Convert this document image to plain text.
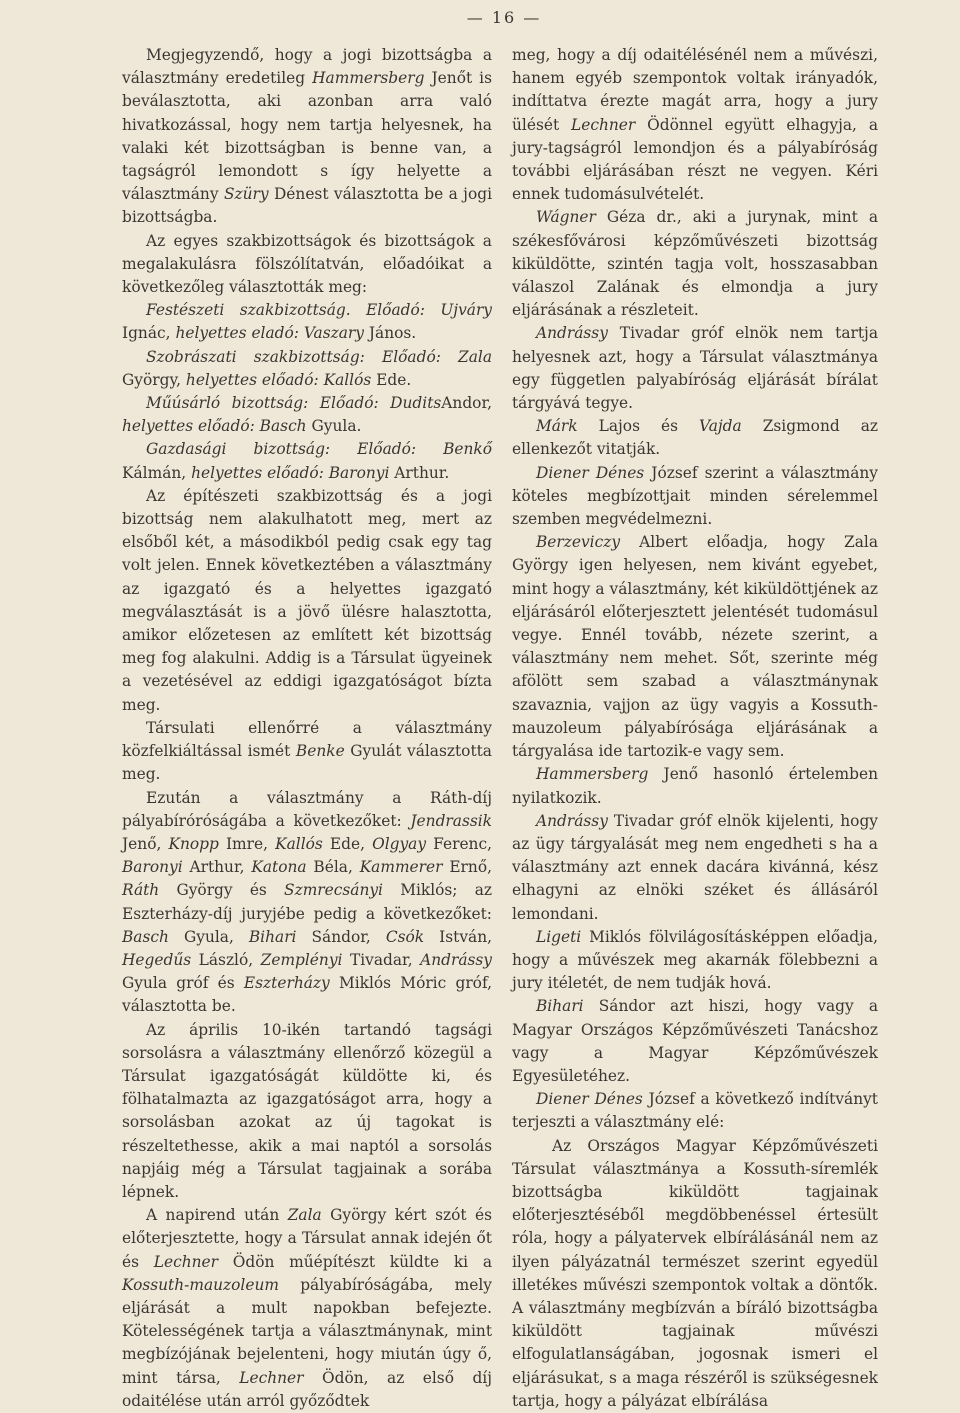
— 16 —

Megjegyzendő, hogy a jogi bizottságba a választmány eredetileg Hammersberg Jenőt is beválasztotta, aki azonban arra való hivatkozással, hogy nem tartja helyesnek, ha valaki két bizottságban is benne van, a tagságról lemondott s így helyette a választmány Szüry Dénest választotta be a jogi bizottságba.

Az egyes szakbizottságok és bizottságok a megalakulásra fölszólítatván, előadóikat a következőleg választották meg:

Festészeti szakbizottság. Előadó: Ujváry Ignác, helyettes eladó: Vaszary János.

Szobrászati szakbizottság: Előadó: Zala György, helyettes előadó: Kallós Ede.

Műúsárló bizottság: Előadó: DuditsAndor, helyettes előadó: Basch Gyula.

Gazdasági bizottság: Előadó: Benkő Kálmán, helyettes előadó: Baronyi Arthur.

Az építészeti szakbizottság és a jogi bizottság nem alakulhatott meg, mert az elsőből két, a másodikból pedig csak egy tag volt jelen. Ennek következtében a választmány az igazgató és a helyettes igazgató megválasztását is a jövő ülésre halasztotta, amikor előzetesen az említett két bizottság meg fog alakulni. Addig is a Társulat ügyeinek a vezetésével az eddigi igazgatóságot bízta meg.

Társulati ellenőrré a választmány közfelkiáltással ismét Benke Gyulát választotta meg.

Ezután a választmány a Ráth-díj pályabíróróságába a következőket: Jendrassik Jenő, Knopp Imre, Kallós Ede, Olgyay Ferenc, Baronyi Arthur, Katona Béla, Kammerer Ernő, Ráth György és Szmrecsányi Miklós; az Eszterházy-díj juryjébe pedig a következőket: Basch Gyula, Bihari Sándor, Csók István, Hegedűs László, Zemplényi Tivadar, Andrássy Gyula gróf és Eszterházy Miklós Móric gróf, választotta be.

Az április 10-ikén tartandó tagsági sorsolásra a választmány ellenőrző közegül a Társulat igazgatóságát küldötte ki, és fölhatalmazta az igazgatóságot arra, hogy a sorsolásban azokat az új tagokat is részeltethesse, akik a mai naptól a sorsolás napjáig még a Társulat tagjainak a sorába lépnek.

A napirend után Zala György kért szót és előterjesztette, hogy a Társulat annak idején őt és Lechner Ödön műépítészt küldte ki a Kossuth-mauzoleum pályabíróságába, mely eljárását a mult napokban befejezte. Kötelességének tartja a választmánynak, mint megbízójának bejelenteni, hogy miután úgy ő, mint társa, Lechner Ödön, az első díj odaitélése után arról győződtek

meg, hogy a díj odaitélésénél nem a művészi, hanem egyéb szempontok voltak irányadók, indíttatva érezte magát arra, hogy a jury ülését Lechner Ödönnel együtt elhagyja, a jury-tagságról lemondjon és a pályabíróság további eljárásában részt ne vegyen. Kéri ennek tudomásulvételét.

Wágner Géza dr., aki a jurynak, mint a székesfővárosi képzőművészeti bizottság kiküldötte, szintén tagja volt, hosszasabban válaszol Zalának és elmondja a jury eljárásának a részleteit.

Andrássy Tivadar gróf elnök nem tartja helyesnek azt, hogy a Társulat választmánya egy független palyabíróság eljárását bírálat tárgyává tegye.

Márk Lajos és Vajda Zsigmond az ellenkezőt vitatják.

Diener Dénes József szerint a választmány köteles megbízottjait minden sérelemmel szemben megvédelmezni.

Berzeviczy Albert előadja, hogy Zala György igen helyesen, nem kivánt egyebet, mint hogy a választmány, két kiküldöttjének az eljárásáról előterjesztett jelentését tudomásul vegye. Ennél tovább, nézete szerint, a választmány nem mehet. Sőt, szerinte még afölött sem szabad a választmánynak szavaznia, vajjon az ügy vagyis a Kossuth-mauzoleum pályabírósága eljárásának a tárgyalása ide tartozik-e vagy sem.

Hammersberg Jenő hasonló értelemben nyilatkozik.

Andrássy Tivadar gróf elnök kijelenti, hogy az ügy tárgyalását meg nem engedheti s ha a választmány azt ennek dacára kivánná, kész elhagyni az elnöki széket és állásáról lemondani.

Ligeti Miklós fölvilágosításképpen előadja, hogy a művészek meg akarnák fölebbezni a jury itéletét, de nem tudják hová.

Bihari Sándor azt hiszi, hogy vagy a Magyar Országos Képzőművészeti Tanácshoz vagy a Magyar Képzőművészek Egyesületéhez.

Diener Dénes József a következő indítványt terjeszti a választmány elé:

Az Országos Magyar Képzőművészeti Társulat választmánya a Kossuth-síremlék bizottságba kiküldött tagjainak előterjesztéséből megdöbbenéssel értesült róla, hogy a pályatervek elbírálásánál nem az ilyen pályázatnál természet szerint egyedül illetékes művészi szempontok voltak a döntők. A választmány megbízván a bíráló bizottságba kiküldött tagjainak művészi elfogulatlanságában, jogosnak ismeri el eljárásukat, s a maga részéről is szükségesnek tartja, hogy a pályázat elbírálása
